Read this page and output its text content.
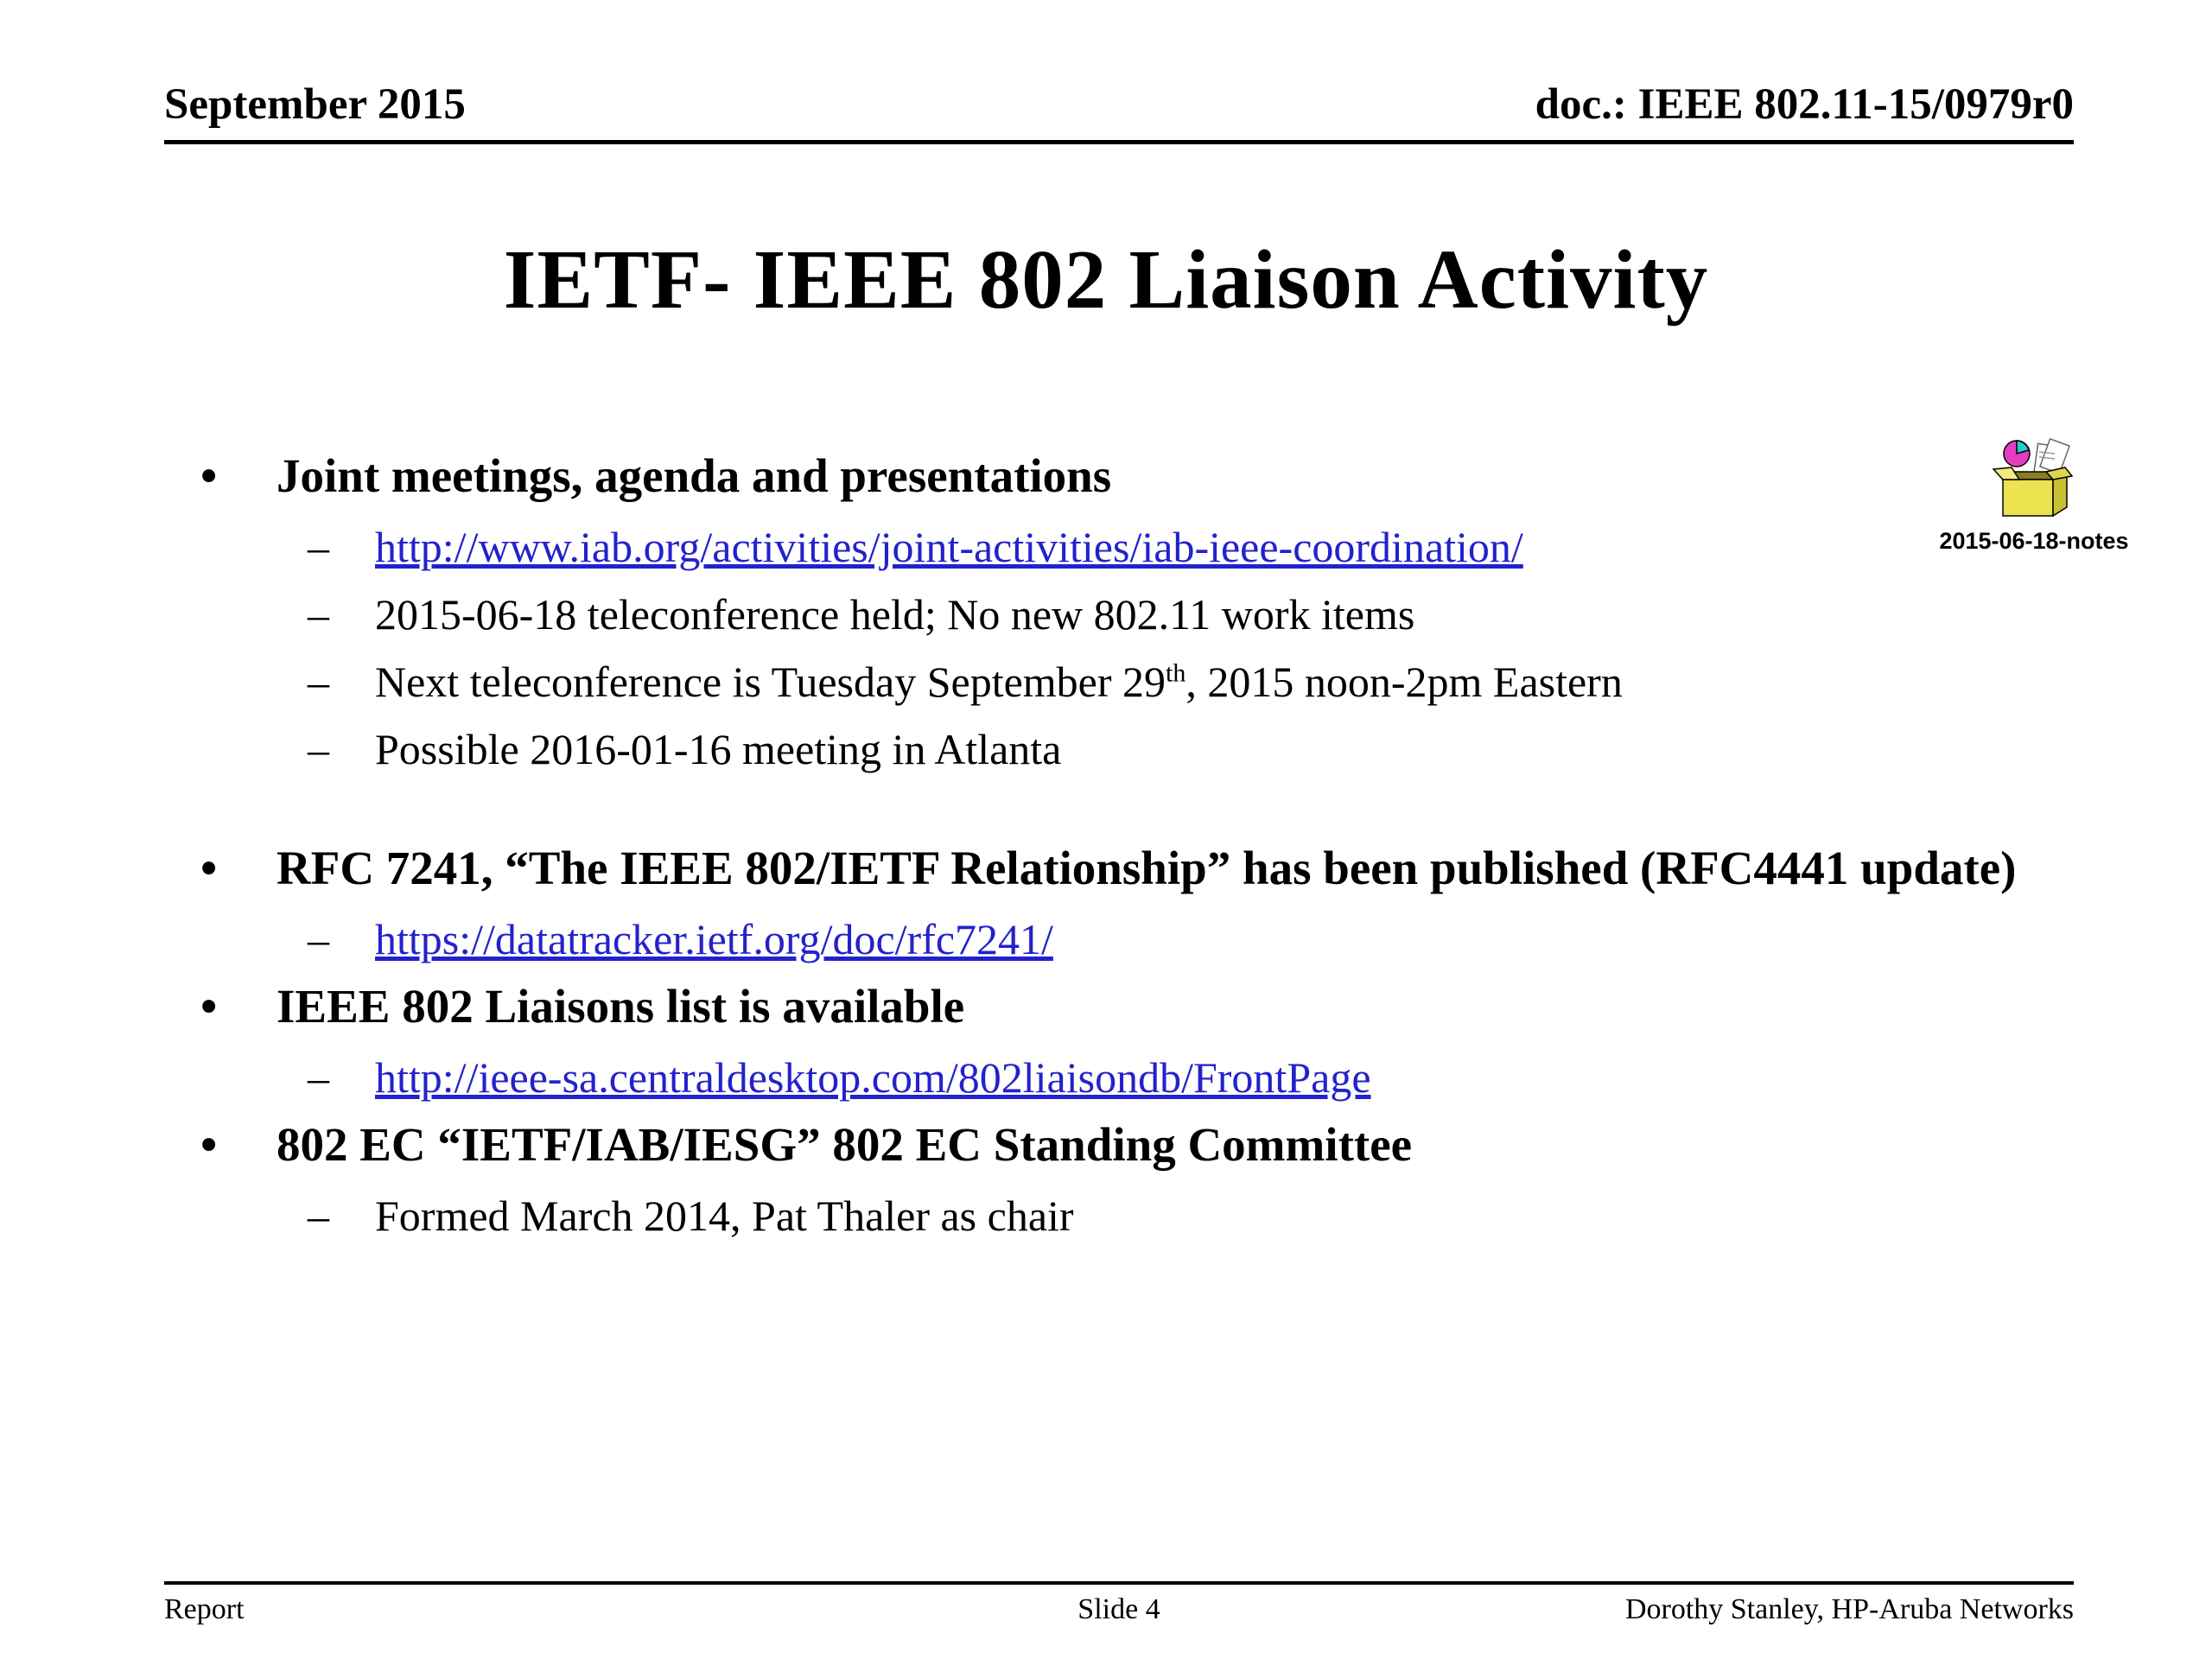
September 2015	doc.: IEEE 802.11-15/0979r0
IETF- IEEE 802 Liaison Activity
2015-06-18-notes
• Joint meetings, agenda and presentations
– http://www.iab.org/activities/joint-activities/iab-ieee-coordination/
– 2015-06-18 teleconference held; No new 802.11 work items
– Next teleconference is Tuesday September 29th, 2015 noon-2pm Eastern
– Possible 2016-01-16 meeting in Atlanta
• RFC 7241, “The IEEE 802/IETF Relationship” has been published (RFC4441 update)
– https://datatracker.ietf.org/doc/rfc7241/
• IEEE 802 Liaisons list is available
– http://ieee-sa.centraldesktop.com/802liaisondb/FrontPage
• 802 EC “IETF/IAB/IESG” 802 EC Standing Committee
– Formed March 2014, Pat Thaler as chair
Report	Slide 4	Dorothy Stanley, HP-Aruba Networks
